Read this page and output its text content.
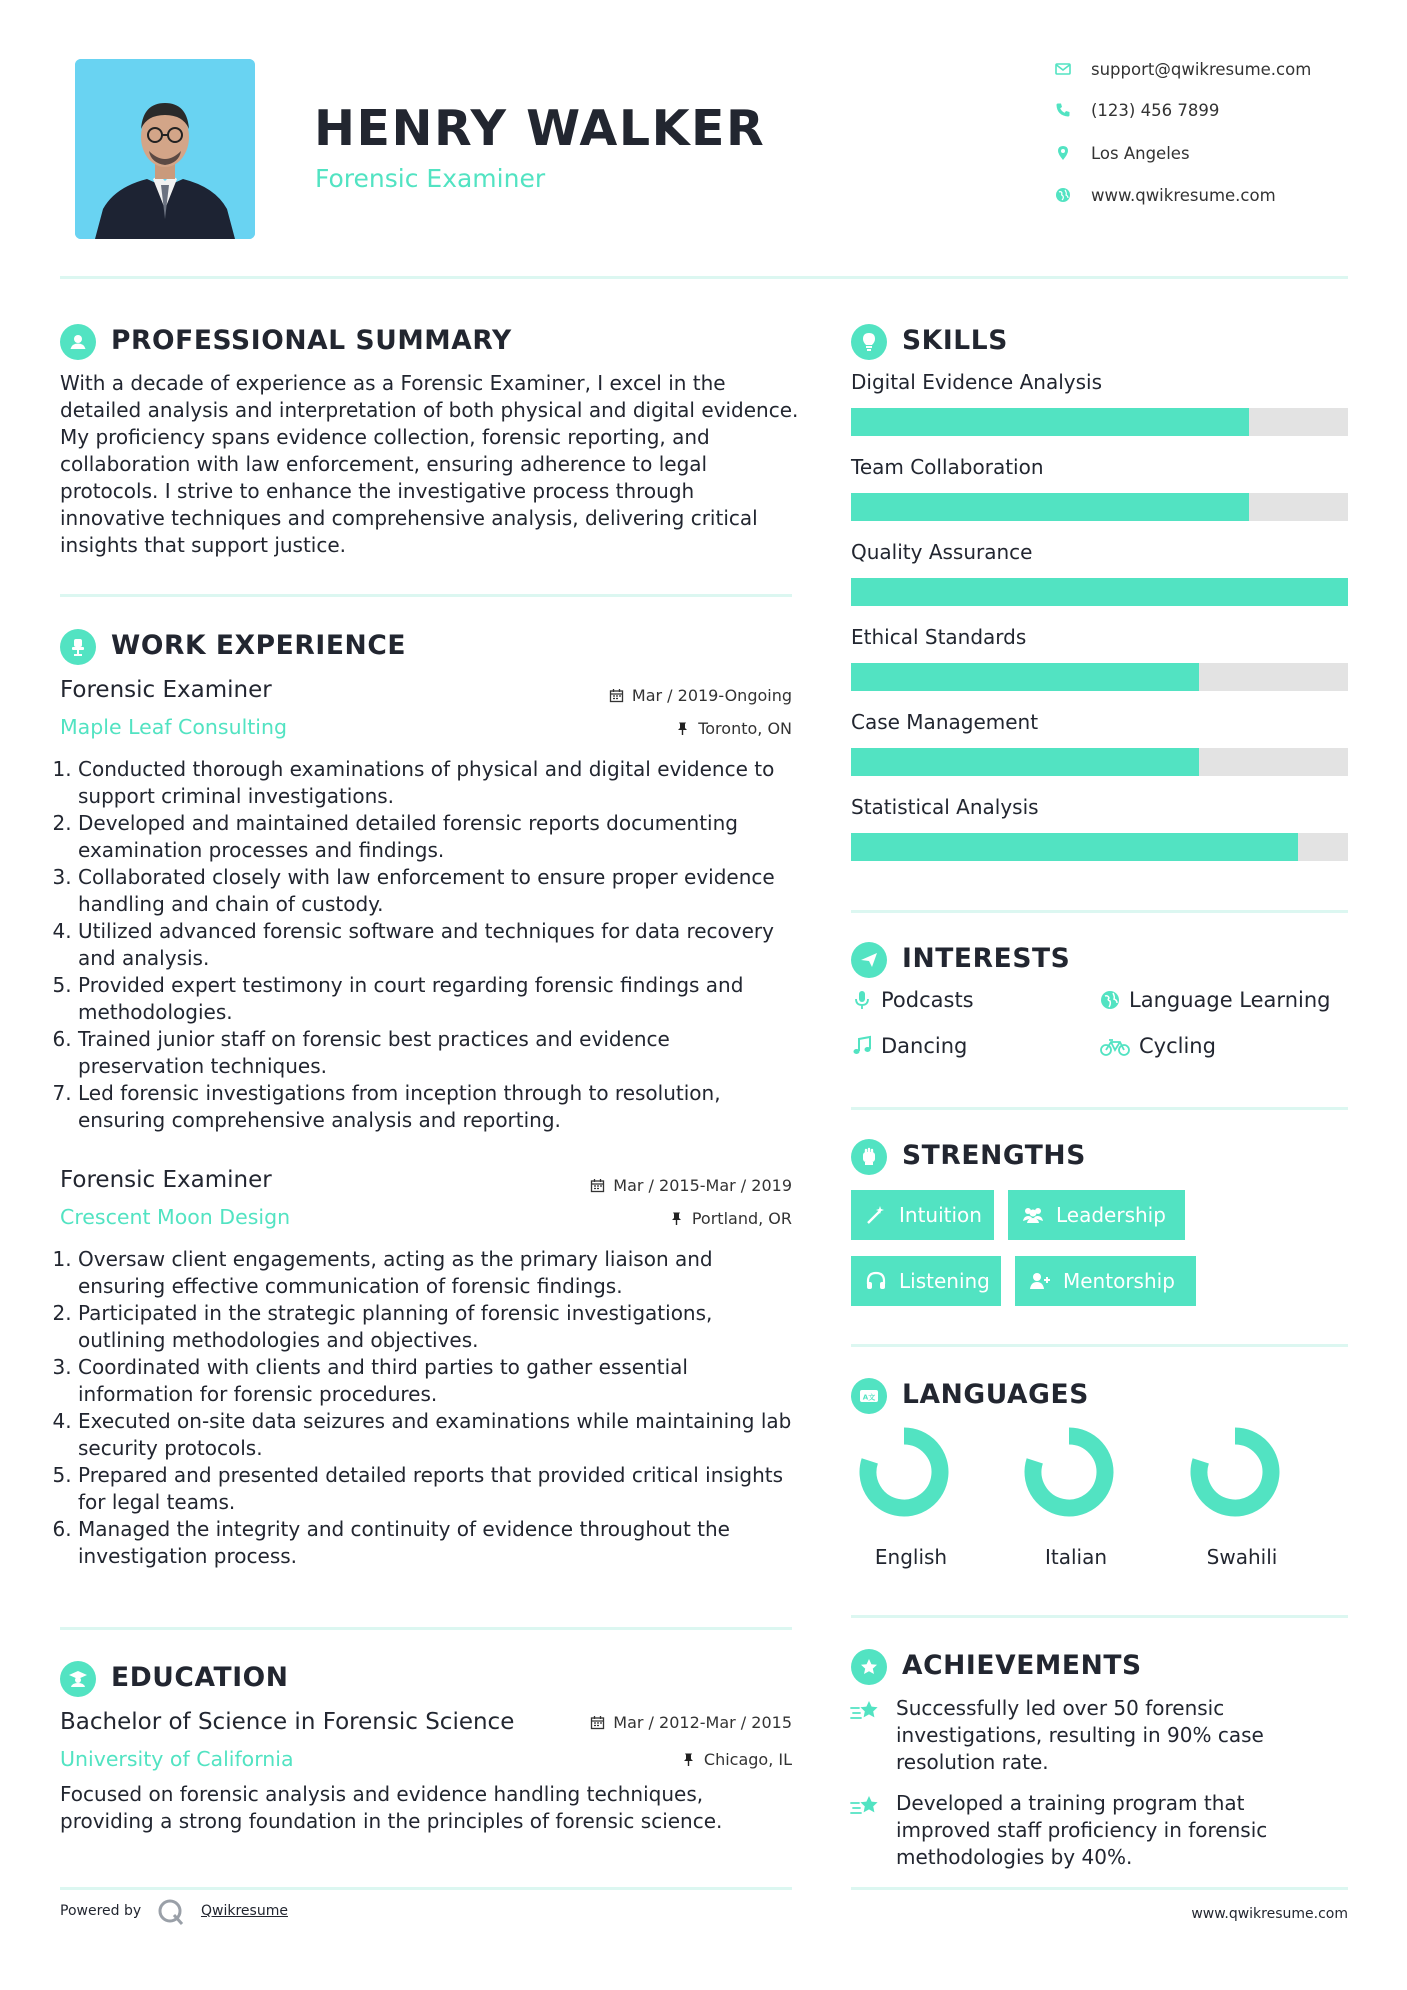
HENRY WALKER
Forensic Examiner
support@qwikresume.com
(123) 456 7899
Los Angeles
www.qwikresume.com
PROFESSIONAL SUMMARY
With a decade of experience as a Forensic Examiner, I excel in the detailed analysis and interpretation of both physical and digital evidence. My proficiency spans evidence collection, forensic reporting, and collaboration with law enforcement, ensuring adherence to legal protocols. I strive to enhance the investigative process through innovative techniques and comprehensive analysis, delivering critical insights that support justice.
WORK EXPERIENCE
Forensic Examiner	Mar / 2019-Ongoing
Maple Leaf Consulting	Toronto, ON
1. Conducted thorough examinations of physical and digital evidence to support criminal investigations.
2. Developed and maintained detailed forensic reports documenting examination processes and findings.
3. Collaborated closely with law enforcement to ensure proper evidence handling and chain of custody.
4. Utilized advanced forensic software and techniques for data recovery and analysis.
5. Provided expert testimony in court regarding forensic findings and methodologies.
6. Trained junior staff on forensic best practices and evidence preservation techniques.
7. Led forensic investigations from inception through to resolution, ensuring comprehensive analysis and reporting.
Forensic Examiner	Mar / 2015-Mar / 2019
Crescent Moon Design	Portland, OR
1. Oversaw client engagements, acting as the primary liaison and ensuring effective communication of forensic findings.
2. Participated in the strategic planning of forensic investigations, outlining methodologies and objectives.
3. Coordinated with clients and third parties to gather essential information for forensic procedures.
4. Executed on-site data seizures and examinations while maintaining lab security protocols.
5. Prepared and presented detailed reports that provided critical insights for legal teams.
6. Managed the integrity and continuity of evidence throughout the investigation process.
EDUCATION
Bachelor of Science in Forensic Science	Mar / 2012-Mar / 2015
University of California	Chicago, IL
Focused on forensic analysis and evidence handling techniques, providing a strong foundation in the principles of forensic science.
Powered by	Qwikresume
SKILLS
Digital Evidence Analysis
Team Collaboration
Quality Assurance
Ethical Standards
Case Management
Statistical Analysis
INTERESTS
Podcasts	Language Learning
Dancing	Cycling
STRENGTHS
Intuition	Leadership
Listening	Mentorship
A文 LANGUAGES
English	Italian	Swahili
ACHIEVEMENTS
Successfully led over 50 forensic investigations, resulting in 90% case resolution rate.
Developed a training program that improved staff proficiency in forensic methodologies by 40%.
www.qwikresume.com
